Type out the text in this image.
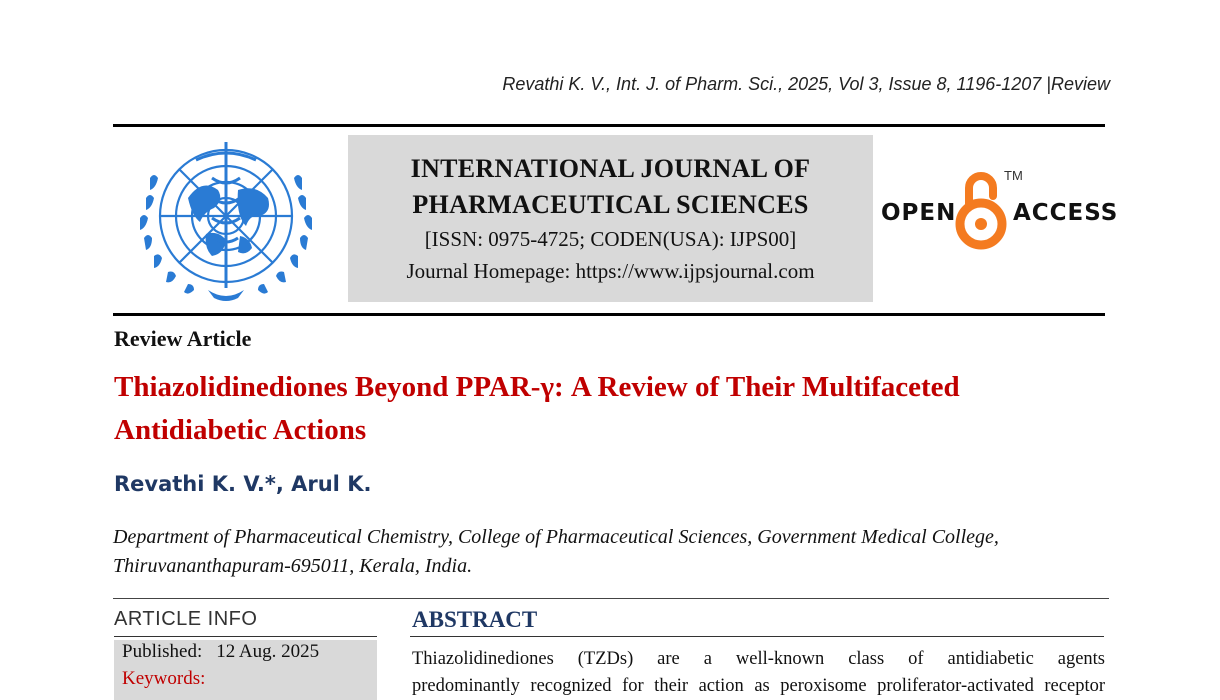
Revathi K. V., Int. J. of Pharm. Sci., 2025, Vol 3, Issue 8, 1196-1207 |Review
INTERNATIONAL JOURNAL OF
PHARMACEUTICAL SCIENCES
[ISSN: 0975-4725; CODEN(USA): IJPS00]
Journal Homepage: https://www.ijpsjournal.com
OPEN
TM
ACCESS
Review Article
Thiazolidinediones Beyond PPAR-γ: A Review of Their Multifaceted Antidiabetic Actions
Revathi K. V.*, Arul K.
Department of Pharmaceutical Chemistry, College of Pharmaceutical Sciences, Government Medical College, Thiruvananthapuram-695011, Kerala, India.
ARTICLE INFO
Published: 12 Aug. 2025
Keywords:
ABSTRACT
Thiazolidinediones (TZDs) are a well-known class of antidiabetic agents
predominantly recognized for their action as peroxisome proliferator-activated receptor
